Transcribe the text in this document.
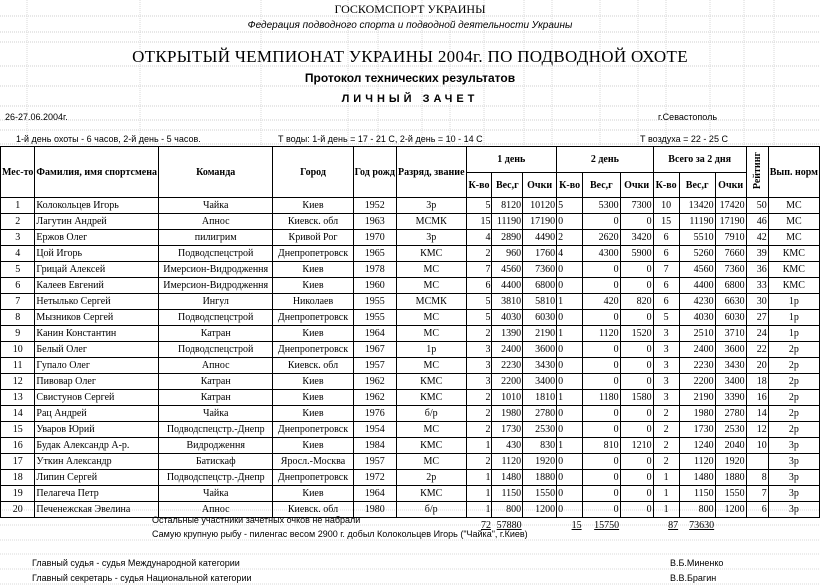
ГОСКОМСПОРТ УКРАИНЫ
Федерация подводного спорта и подводной деятельности Украины
ОТКРЫТЫЙ ЧЕМПИОНАТ УКРАИНЫ 2004г. ПО ПОДВОДНОЙ ОХОТЕ
Протокол технических результатов
ЛИЧНЫЙ ЗАЧЕТ
26-27.06.2004г.	г.Севастополь
1-й день охоты - 6 часов, 2-й день - 5 часов.	Т воды: 1-й день = 17 - 21 С, 2-й день = 10 - 14 С	Т воздуха = 22 - 25 С
Мес-то	Фамилия, имя спортсмена	Команда	Город	Год рожд	Разряд, звание	1 день			2 день			Всего за 2 дня			Рейтинг	Вып. норм
						К-во	Вес,г	Очки	К-во	Вес,г	Очки	К-во	Вес,г	Очки		
1	Колокольцев Игорь	Чайка	Киев	1952	3р	5	8120	10120	5	5300	7300	10	13420	17420	50	МС
2	Лагутин Андрей	Апнос	Киевск. обл	1963	МСМК	15	11190	17190	0	0	0	15	11190	17190	46	МС
3	Ержов Олег	пилигрим	Кривой Рог	1970	3р	4	2890	4490	2	2620	3420	6	5510	7910	42	МС
4	Цой Игорь	Подводспецстрой	Днепропетровск	1965	КМС	2	960	1760	4	4300	5900	6	5260	7660	39	КМС
5	Грицай Алексей	Имерсион-Видродження	Киев	1978	МС	7	4560	7360	0	0	0	7	4560	7360	36	КМС
6	Калеев Евгений	Имерсион-Видродження	Киев	1960	МС	6	4400	6800	0	0	0	6	4400	6800	33	КМС
7	Нетылько Сергей	Ингул	Николаев	1955	МСМК	5	3810	5810	1	420	820	6	4230	6630	30	1р
8	Мызников Сергей	Подводспецстрой	Днепропетровск	1955	МС	5	4030	6030	0	0	0	5	4030	6030	27	1р
9	Канин Константин	Катран	Киев	1964	МС	2	1390	2190	1	1120	1520	3	2510	3710	24	1р
10	Белый Олег	Подводспецстрой	Днепропетровск	1967	1р	3	2400	3600	0	0	0	3	2400	3600	22	2р
11	Гупало Олег	Апнос	Киевск. обл	1957	МС	3	2230	3430	0	0	0	3	2230	3430	20	2р
12	Пивовар Олег	Катран	Киев	1962	КМС	3	2200	3400	0	0	0	3	2200	3400	18	2р
13	Свистунов Сергей	Катран	Киев	1962	КМС	2	1010	1810	1	1180	1580	3	2190	3390	16	2р
14	Рац Андрей	Чайка	Киев	1976	б/р	2	1980	2780	0	0	0	2	1980	2780	14	2р
15	Уваров Юрий	Подводспецстр.-Днепр	Днепропетровск	1954	МС	2	1730	2530	0	0	0	2	1730	2530	12	2р
16	Будак Александр А-р.	Видродження	Киев	1984	КМС	1	430	830	1	810	1210	2	1240	2040	10	3р
17	Уткин Александр	Батискаф	Яросл.-Москва	1957	МС	2	1120	1920	0	0	0	2	1120	1920		3р
18	Липин Сергей	Подводспецстр.-Днепр	Днепропетровск	1972	2р	1	1480	1880	0	0	0	1	1480	1880	8	3р
19	Пелагеча Петр	Чайка	Киев	1964	КМС	1	1150	1550	0	0	0	1	1150	1550	7	3р
20	Печенежская Эвелина	Апнос	Киевск. обл	1980	б/р	1	800	1200	0	0	0	1	800	1200	6	3р
						72	57880		15	15750		87	73630			
Остальные участники зачетных очков не набрали
Самую крупную рыбу - пиленгас весом 2900 г. добыл Колокольцев Игорь ("Чайка", г.Киев)
Главный судья - судья Международной категории	В.Б.Миненко
Главный секретарь - судья Национальной категории	В.В.Брагин
